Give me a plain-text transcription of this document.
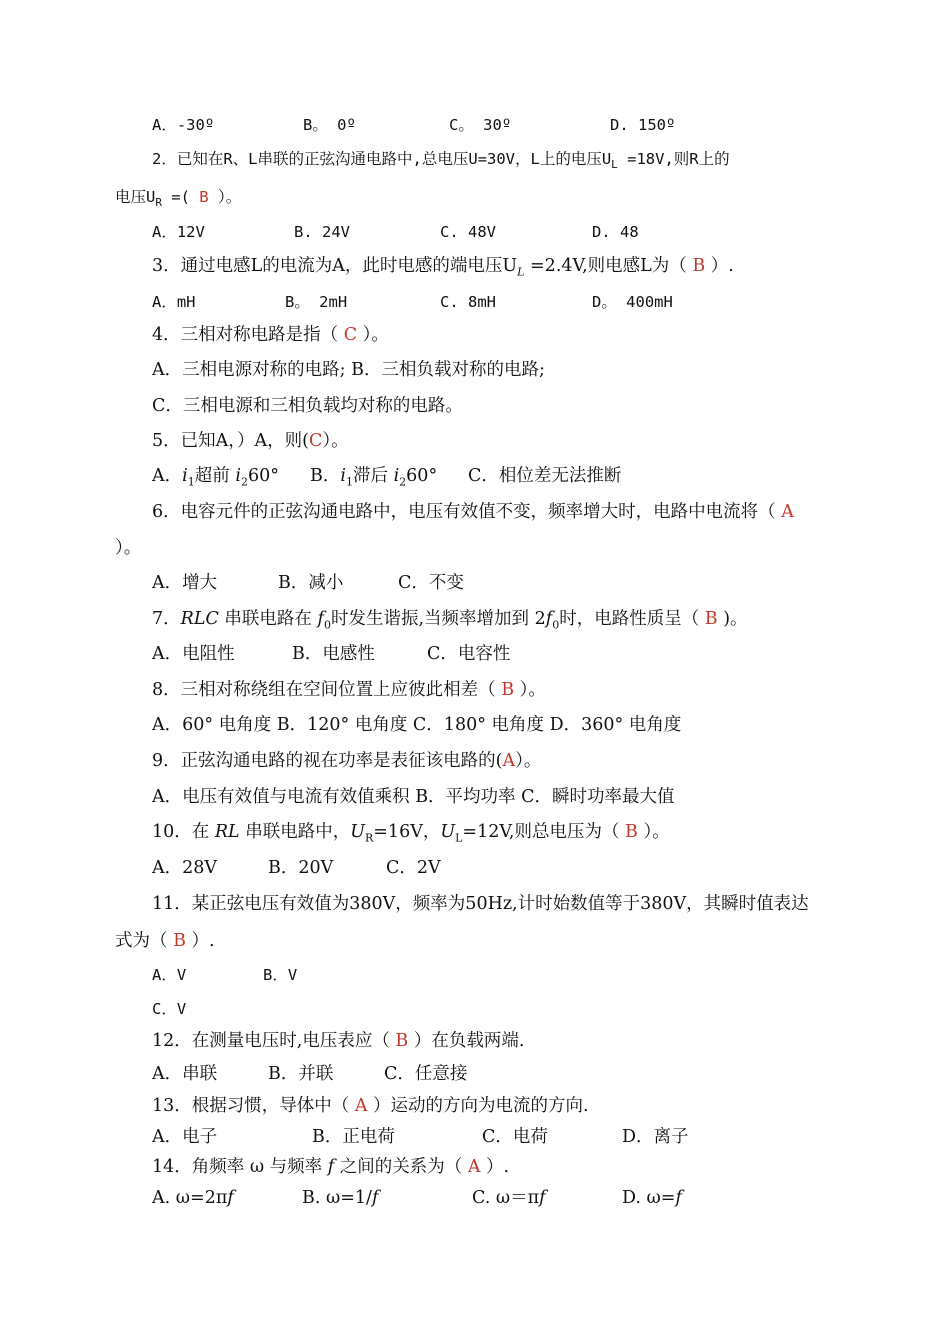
A．-30º	B。 0º	C。 30º	D. 150º
2．已知在R、L串联的正弦沟通电路中,总电压U=30V，L上的电压$U_L =18V$,则R上的
电压$U_R$ =( B ）。
A．12V	B. 24V	C. 48V	D. 48
3．通过电感L的电流为A，此时电感的端电压$U_L =2.4V$,则电感L为（ B ）.
A．mH	B。 2mH	C. 8mH	D。 400mH
4．三相对称电路是指（ C ）。
A．三相电源对称的电路; B．三相负载对称的电路;
C．三相电源和三相负载均对称的电路。
5．已知A，）A，则(C）。
A．$i_1$超前 $i_260^\circ$ B．$i_1$滞后 $i_260^\circ$ C．相位差无法推断
6．电容元件的正弦沟通电路中，电压有效值不变，频率增大时，电路中电流将（ A
）。
A．增大	B．减小	C．不变
7．RLC 串联电路在 $f_0$时发生谐振,当频率增加到 $2f_0$时，电路性质呈（ B )。
A．电阻性	B．电感性	C．电容性
8．三相对称绕组在空间位置上应彼此相差（ B ）。
A．60° 电角度 B．120° 电角度 C．180° 电角度 D．360° 电角度
9．正弦沟通电路的视在功率是表征该电路的(A）。
A．电压有效值与电流有效值乘积 B．平均功率 C．瞬时功率最大值
10．在 RL 串联电路中，$U_R=16V$，$U_L=12V$,则总电压为（ B ）。
A．28V	B．20V	C．2V
11．某正弦电压有效值为380V，频率为50Hz,计时始数值等于380V，其瞬时值表达
式为（ B ）.
A．V	B．V
C．V
12．在测量电压时,电压表应（ B ）在负载两端.
A．串联	B．并联	C．任意接
13．根据习惯，导体中（ A ）运动的方向为电流的方向.
A．电子	B．正电荷	C．电荷	D．离子
14．角频率 ω 与频率 f 之间的关系为（ A ）.
A. ω=2πf	B. ω=1/f	C. ω＝πf	D. ω=f
